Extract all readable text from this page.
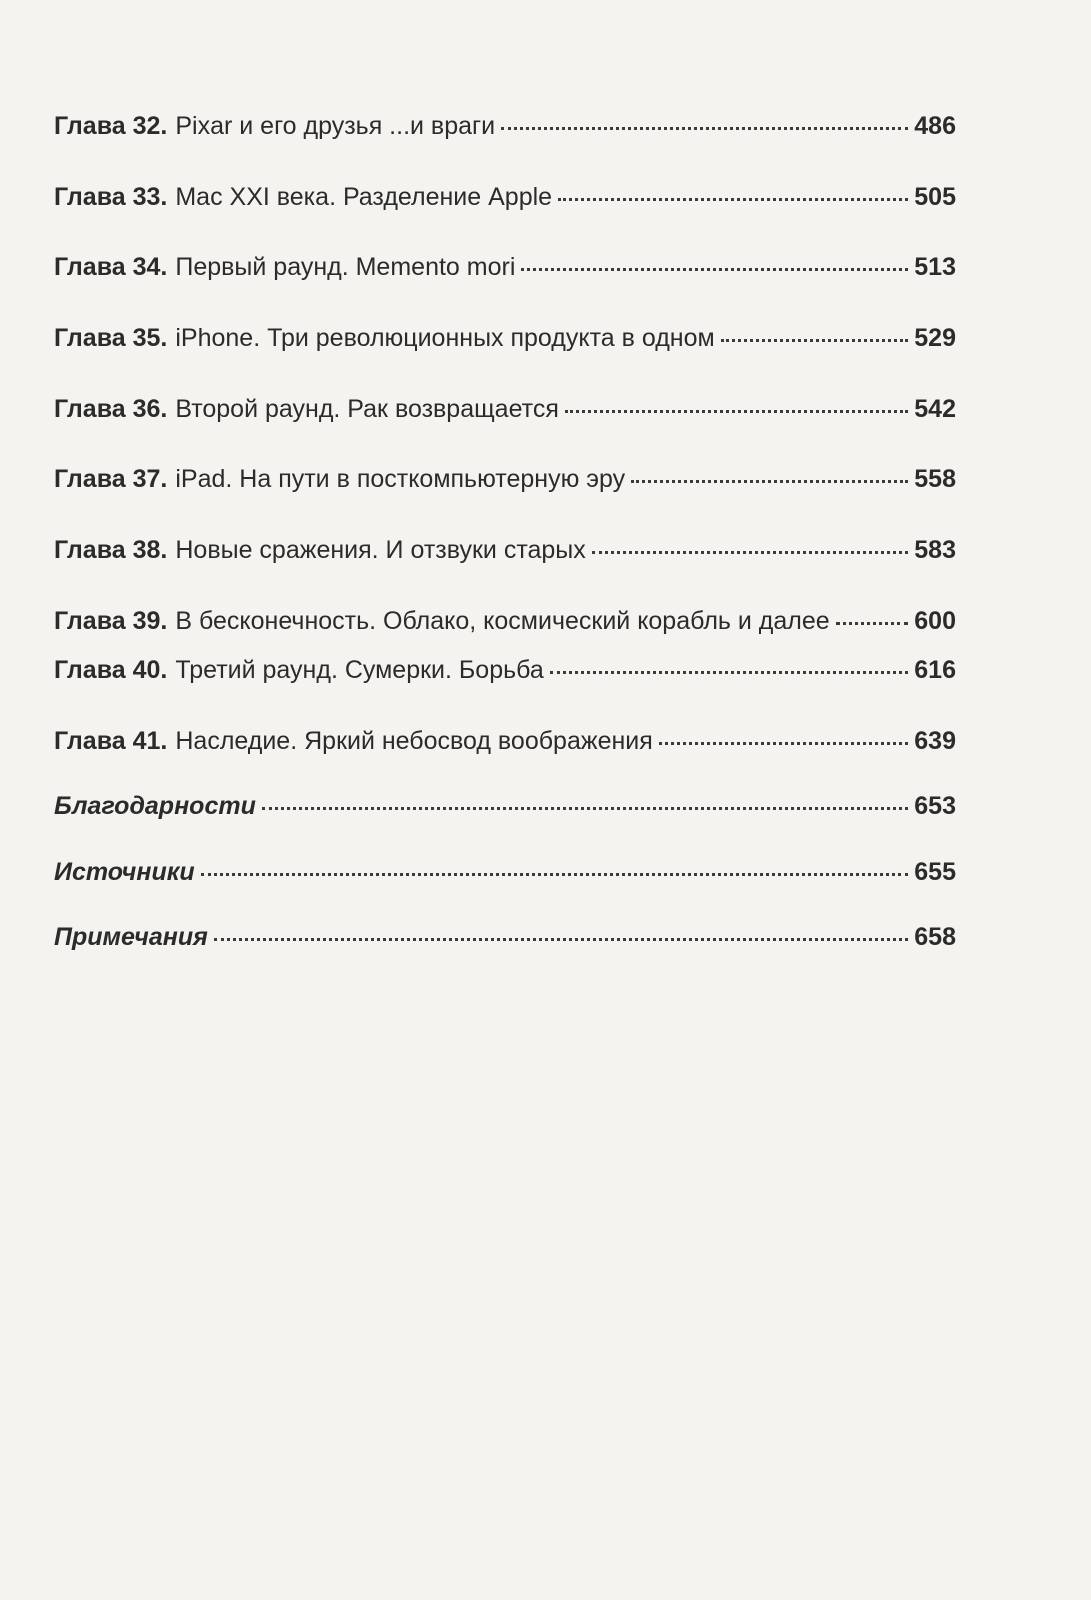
Глава 32. Pixar и его друзья ...и враги	486
Глава 33. Mac XXI века. Разделение Apple	505
Глава 34. Первый раунд. Memento mori	513
Глава 35. iPhone. Три революционных продукта в одном	529
Глава 36. Второй раунд. Рак возвращается	542
Глава 37. iPad. На пути в посткомпьютерную эру	558
Глава 38. Новые сражения. И отзвуки старых	583
Глава 39. В бесконечность. Облако, космический корабль и далее	600
Глава 40. Третий раунд. Сумерки. Борьба	616
Глава 41. Наследие. Яркий небосвод воображения	639
Благодарности	653
Источники	655
Примечания	658
